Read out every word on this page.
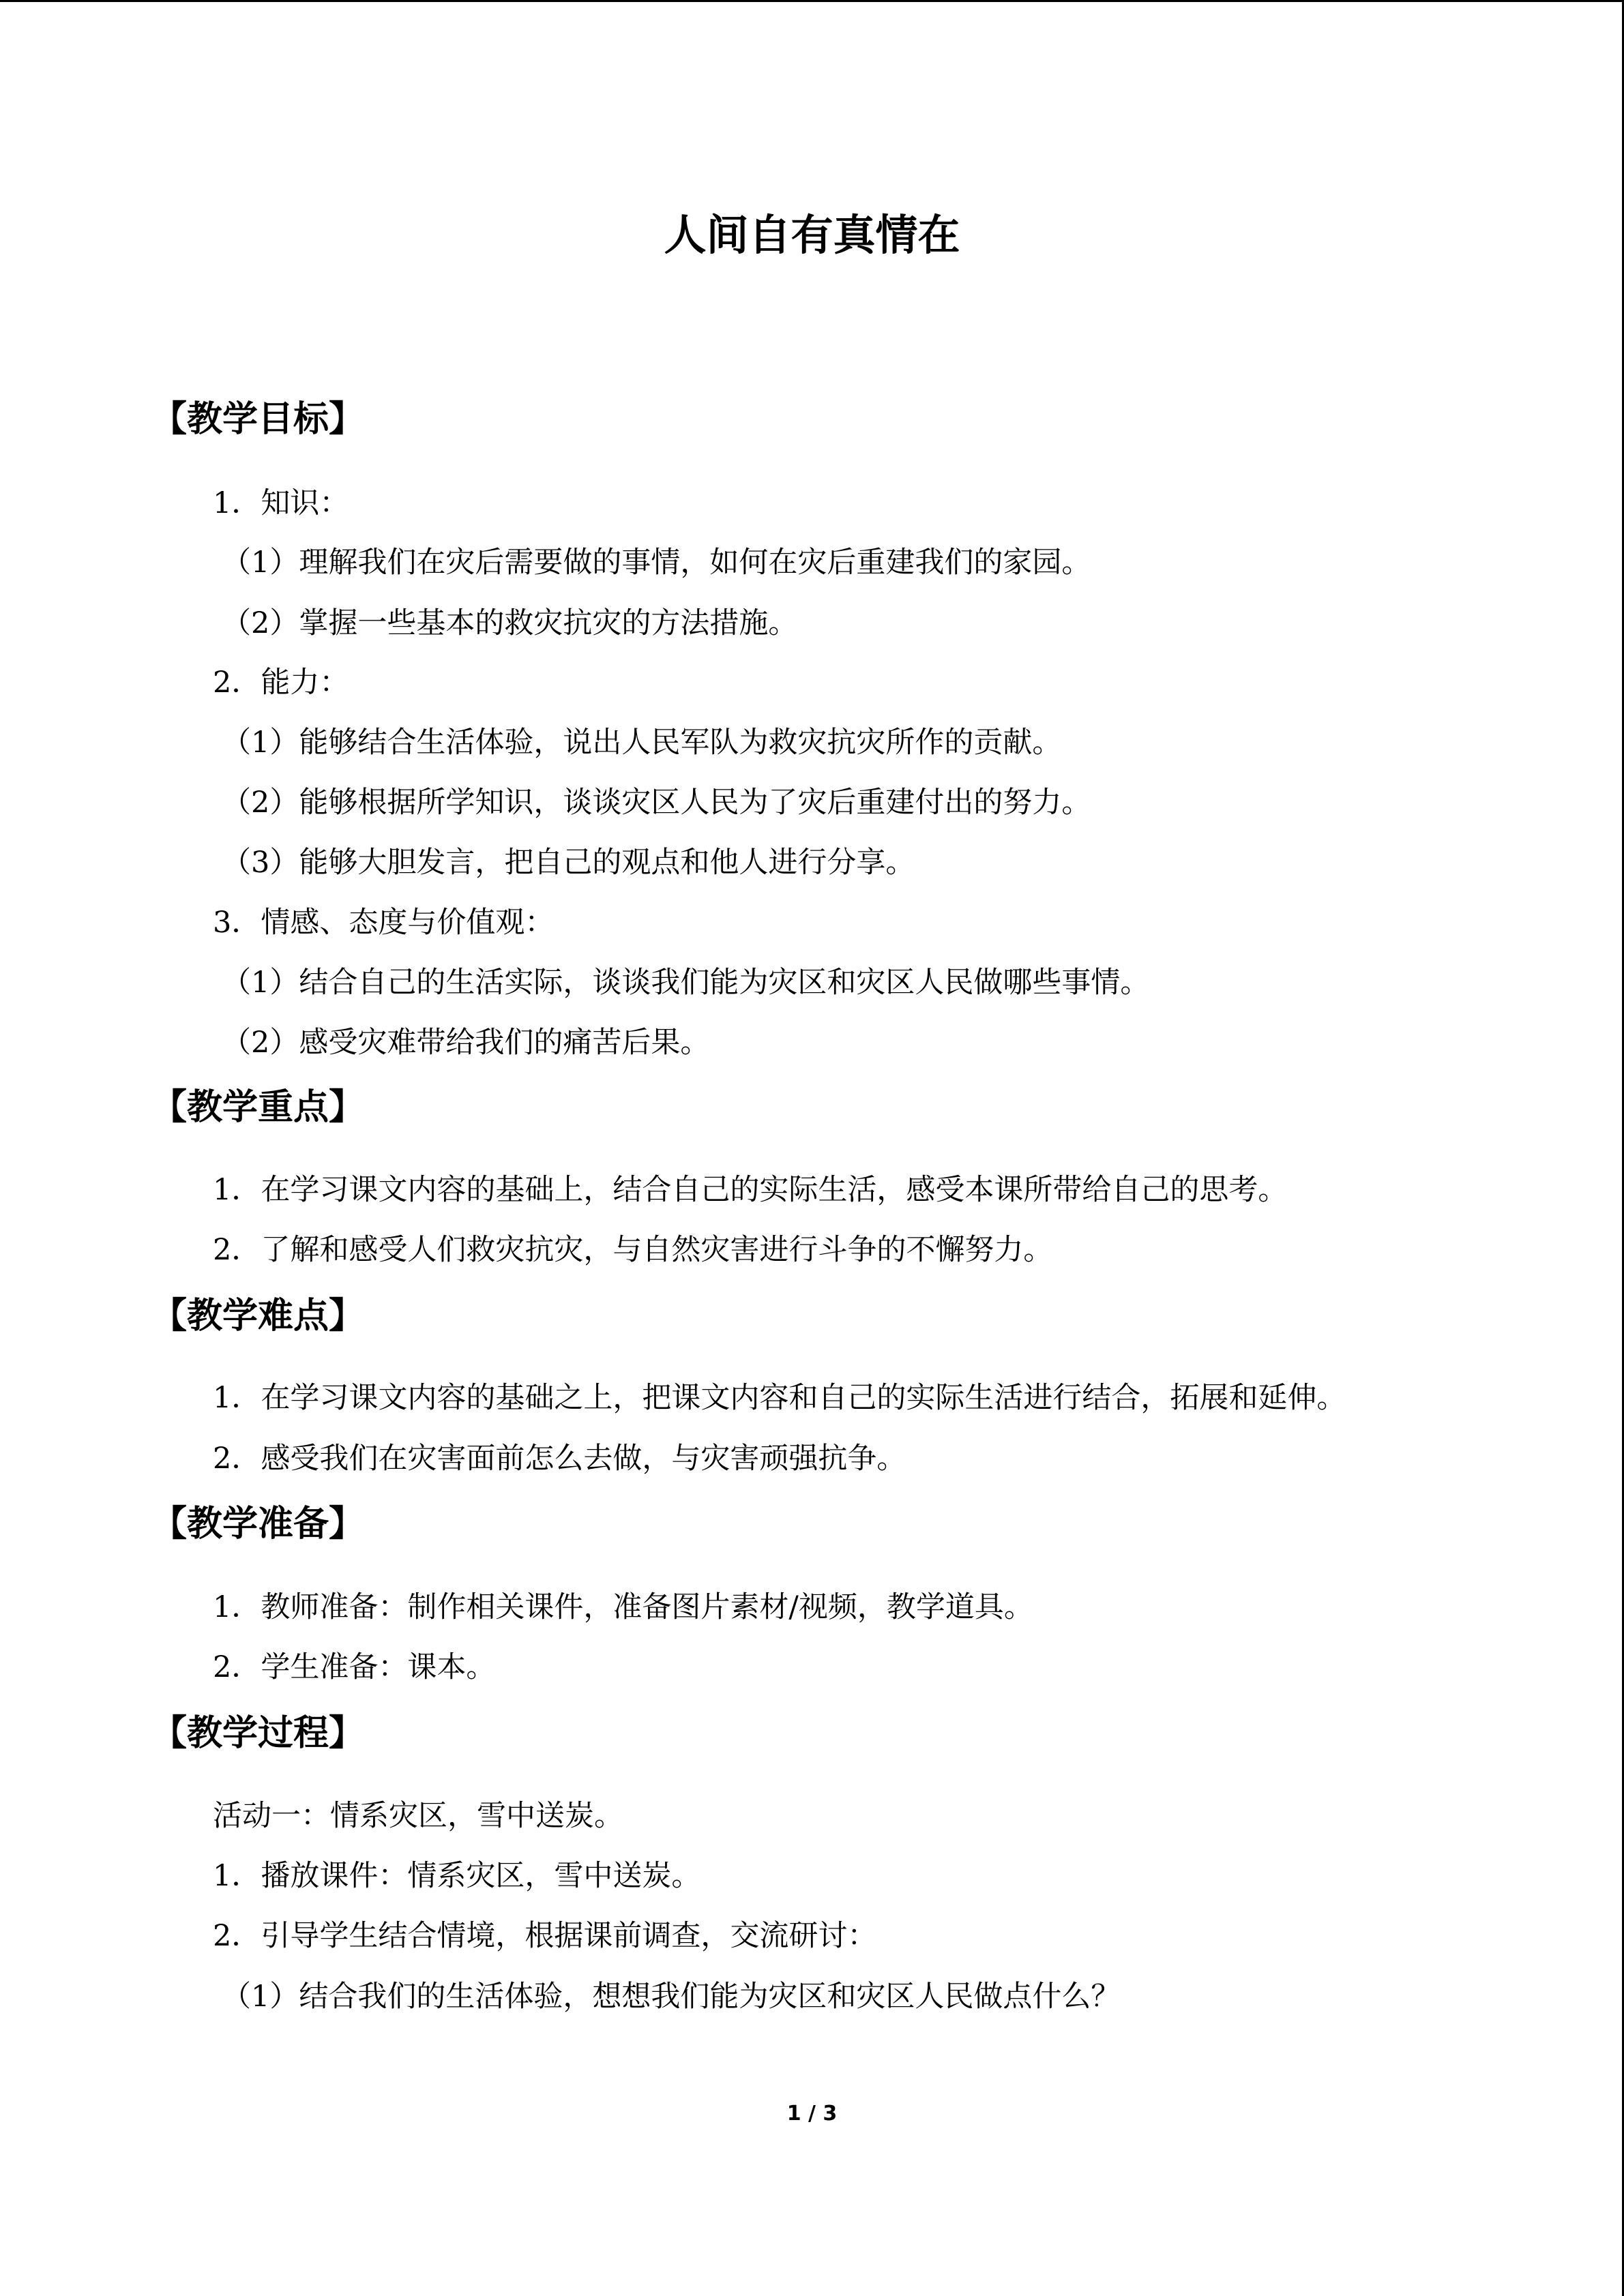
人间自有真情在
【教学目标】

1．知识：

（1）理解我们在灾后需要做的事情，如何在灾后重建我们的家园。

（2）掌握一些基本的救灾抗灾的方法措施。

2．能力：

（1）能够结合生活体验，说出人民军队为救灾抗灾所作的贡献。

（2）能够根据所学知识，谈谈灾区人民为了灾后重建付出的努力。

（3）能够大胆发言，把自己的观点和他人进行分享。

3．情感、态度与价值观：

（1）结合自己的生活实际，谈谈我们能为灾区和灾区人民做哪些事情。

（2）感受灾难带给我们的痛苦后果。

【教学重点】

1．在学习课文内容的基础上，结合自己的实际生活，感受本课所带给自己的思考。

2．了解和感受人们救灾抗灾，与自然灾害进行斗争的不懈努力。

【教学难点】

1．在学习课文内容的基础之上，把课文内容和自己的实际生活进行结合，拓展和延伸。

2．感受我们在灾害面前怎么去做，与灾害顽强抗争。

【教学准备】

1．教师准备：制作相关课件，准备图片素材/视频，教学道具。

2．学生准备：课本。

【教学过程】

活动一：情系灾区，雪中送炭。

1．播放课件：情系灾区，雪中送炭。

2．引导学生结合情境，根据课前调查，交流研讨：

（1）结合我们的生活体验，想想我们能为灾区和灾区人民做点什么？

1 / 3
